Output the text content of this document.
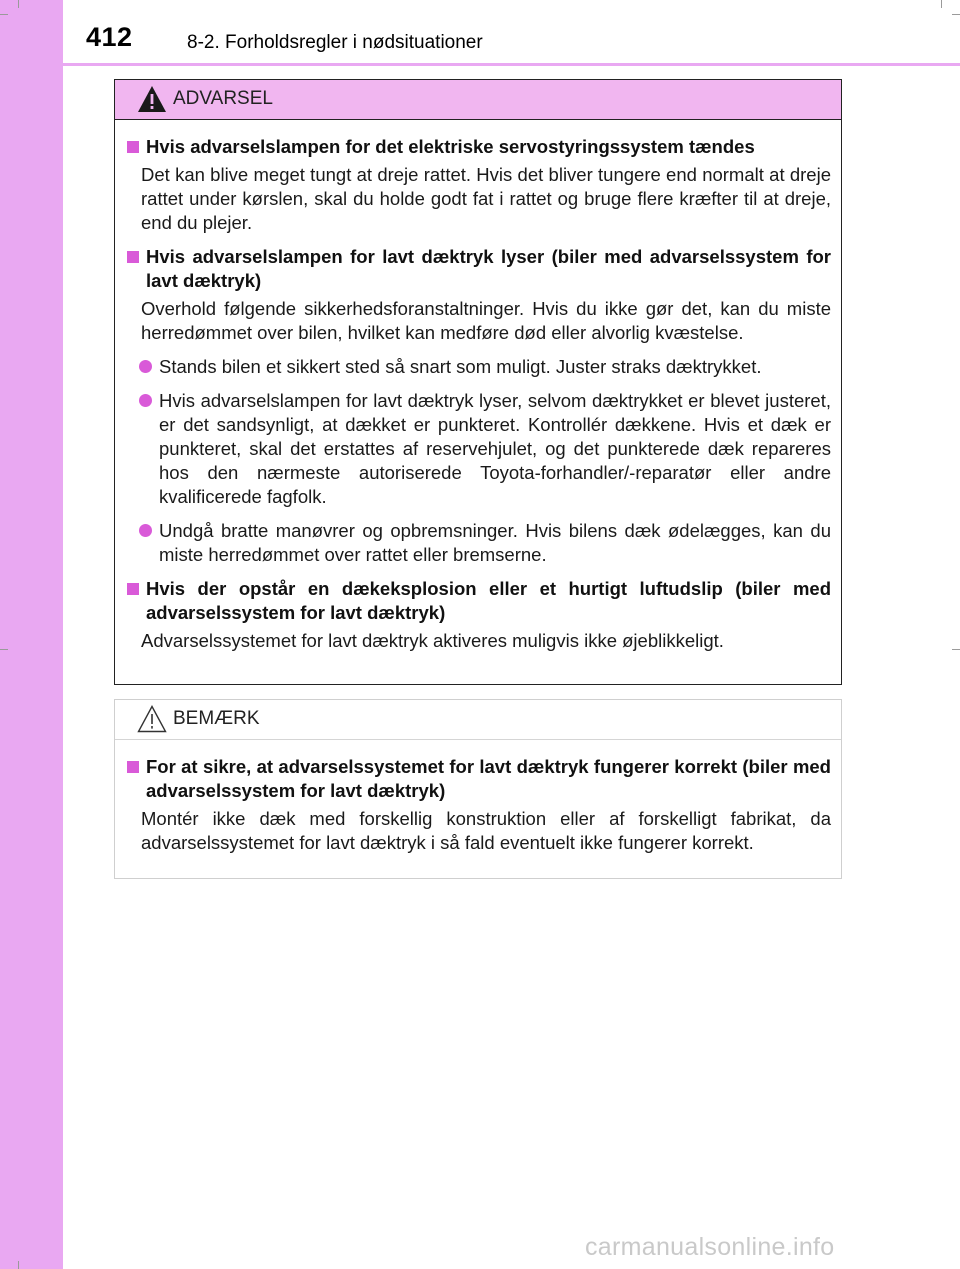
412	8-2. Forholdsregler i nødsituationer
ADVARSEL
Hvis advarselslampen for det elektriske servostyringssystem tændes
Det kan blive meget tungt at dreje rattet. Hvis det bliver tungere end normalt at dreje rattet under kørslen, skal du holde godt fat i rattet og bruge flere kræfter til at dreje, end du plejer.
Hvis advarselslampen for lavt dæktryk lyser (biler med advarselssystem for lavt dæktryk)
Overhold følgende sikkerhedsforanstaltninger. Hvis du ikke gør det, kan du miste herredømmet over bilen, hvilket kan medføre død eller alvorlig kvæstelse.
Stands bilen et sikkert sted så snart som muligt. Juster straks dæktrykket.
Hvis advarselslampen for lavt dæktryk lyser, selvom dæktrykket er blevet justeret, er det sandsynligt, at dækket er punkteret. Kontrollér dækkene. Hvis et dæk er punkteret, skal det erstattes af reservehjulet, og det punkterede dæk repareres hos den nærmeste autoriserede Toyota-forhandler/-reparatør eller andre kvalificerede fagfolk.
Undgå bratte manøvrer og opbremsninger. Hvis bilens dæk ødelægges, kan du miste herredømmet over rattet eller bremserne.
Hvis der opstår en dækeksplosion eller et hurtigt luftudslip (biler med advarselssystem for lavt dæktryk)
Advarselssystemet for lavt dæktryk aktiveres muligvis ikke øjeblikkeligt.
BEMÆRK
For at sikre, at advarselssystemet for lavt dæktryk fungerer korrekt (biler med advarselssystem for lavt dæktryk)
Montér ikke dæk med forskellig konstruktion eller af forskelligt fabrikat, da advarselssystemet for lavt dæktryk i så fald eventuelt ikke fungerer korrekt.
carmanualsonline.info
